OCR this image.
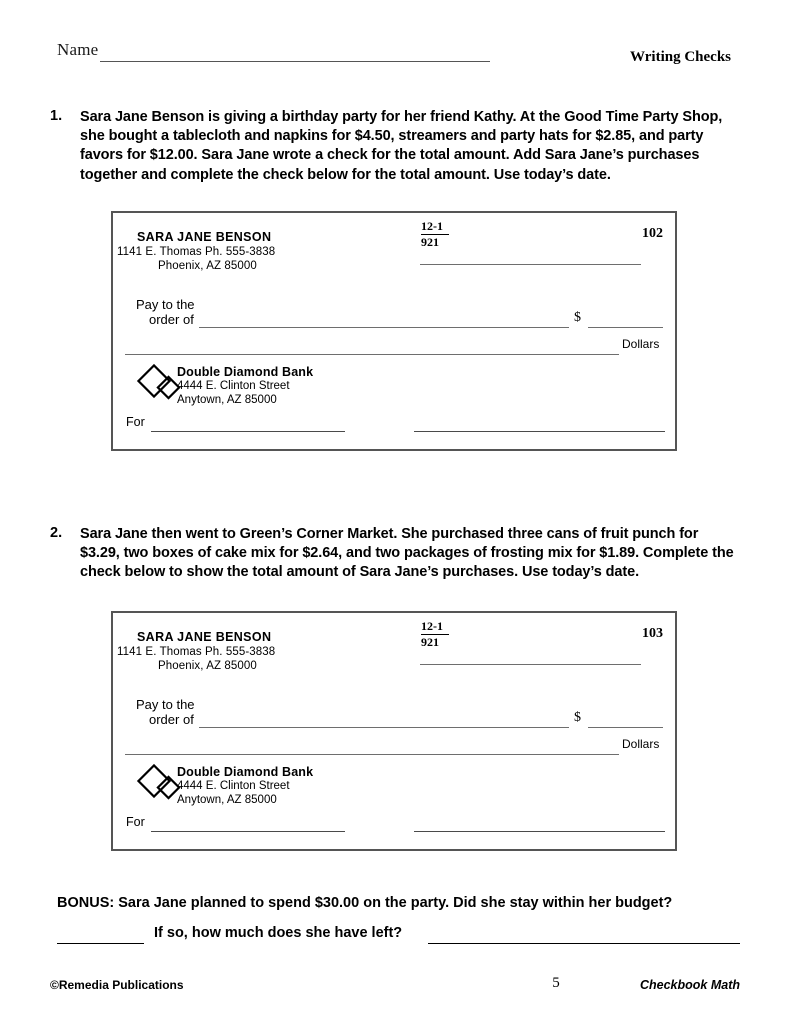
Name	Writing Checks
1.	Sara Jane Benson is giving a birthday party for her friend Kathy. At the Good Time Party Shop, she bought a tablecloth and napkins for $4.50, streamers and party hats for $2.85, and party favors for $12.00. Sara Jane wrote a check for the total amount. Add Sara Jane’s purchases together and complete the check below for the total amount. Use today’s date.
SARA JANE BENSON
1141 E. Thomas Ph. 555-3838
Phoenix, AZ 85000
$\frac{12-1}{921}$	102
Pay to the
order of	$
Dollars
Double Diamond Bank
4444 E. Clinton Street
Anytown, AZ 85000
For
2.	Sara Jane then went to Green’s Corner Market. She purchased three cans of fruit punch for $3.29, two boxes of cake mix for $2.64, and two packages of frosting mix for $1.89. Complete the check below to show the total amount of Sara Jane’s purchases. Use today’s date.
SARA JANE BENSON
1141 E. Thomas Ph. 555-3838
Phoenix, AZ 85000
$\frac{12-1}{921}$	103
Pay to the
order of	$
Dollars
Double Diamond Bank
4444 E. Clinton Street
Anytown, AZ 85000
For
BONUS: Sara Jane planned to spend $30.00 on the party. Did she stay within her budget?
If so, how much does she have left?
©Remedia Publications	5	Checkbook Math
